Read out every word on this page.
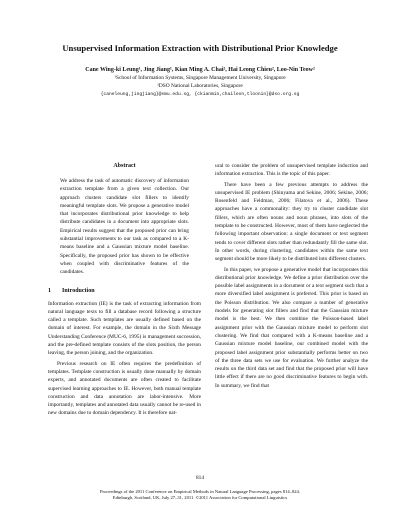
Unsupervised Information Extraction with Distributional Prior Knowledge
Cane Wing-ki Leung¹, Jing Jiang¹, Kian Ming A. Chai², Hai Leong Chieu², Loo-Nin Teow²
¹School of Information Systems, Singapore Management University, Singapore
²DSO National Laboratories, Singapore
{caneleung,jingjiang}@smu.edu.sg, {ckianmin,chaileon,tloonin}@dso.org.sg
Abstract

We address the task of automatic discovery of information extraction template from a given text collection. Our approach clusters candidate slot fillers to identify meaningful template slots. We propose a generative model that incorporates distributional prior knowledge to help distribute candidates in a document into appropriate slots. Empirical results suggest that the proposed prior can bring substantial improvements to our task as compared to a K-means baseline and a Gaussian mixture model baseline. Specifically, the proposed prior has shown to be effective when coupled with discriminative features of the candidates.

1 Introduction

Information extraction (IE) is the task of extracting information from natural language texts to fill a database record following a structure called a template. Such templates are usually defined based on the domain of interest. For example, the domain in the Sixth Message Understanding Conference (MUC-6, 1995) is management succession, and the pre-defined template consists of the slots position, the person leaving, the person joining, and the organization.

Previous research on IE often requires the predefinition of templates. Template construction is usually done manually by domain experts, and annotated documents are often created to facilitate supervised learning approaches to IE. However, both manual template construction and data annotation are labor-intensive. More importantly, templates and annotated data usually cannot be re-used in new domains due to domain dependency. It is therefore nat-

ural to consider the problem of unsupervised template induction and information extraction. This is the topic of this paper.

There have been a few previous attempts to address the unsupervised IE problem (Shinyama and Sekine, 2006; Sekine, 2006; Rosenfeld and Feldman, 2006; Filatova et al., 2006). These approaches have a commonality: they try to cluster candidate slot fillers, which are often nouns and noun phrases, into slots of the template to be constructed. However, most of them have neglected the following important observation: a single document or text segment tends to cover different slots rather than redundantly fill the same slot. In other words, during clustering, candidates within the same text segment should be more likely to be distributed into different clusters.

In this paper, we propose a generative model that incorporates this distributional prior knowledge. We define a prior distribution over the possible label assignments in a document or a text segment such that a more diversified label assignment is preferred. This prior is based on the Poisson distribution. We also compare a number of generative models for generating slot fillers and find that the Gaussian mixture model is the best. We then combine the Poisson-based label assignment prior with the Gaussian mixture model to perform slot clustering. We find that compared with a K-means baseline and a Gaussian mixture model baseline, our combined model with the proposed label assignment prior substantially performs better on two of the three data sets we use for evaluation. We further analyze the results on the third data set and find that the proposed prior will have little effect if there are no good discriminative features to begin with. In summary, we find that

814
Proceedings of the 2011 Conference on Empirical Methods in Natural Language Processing, pages 814–824,
Edinburgh, Scotland, UK, July 27–31, 2011. ©2011 Association for Computational Linguistics
